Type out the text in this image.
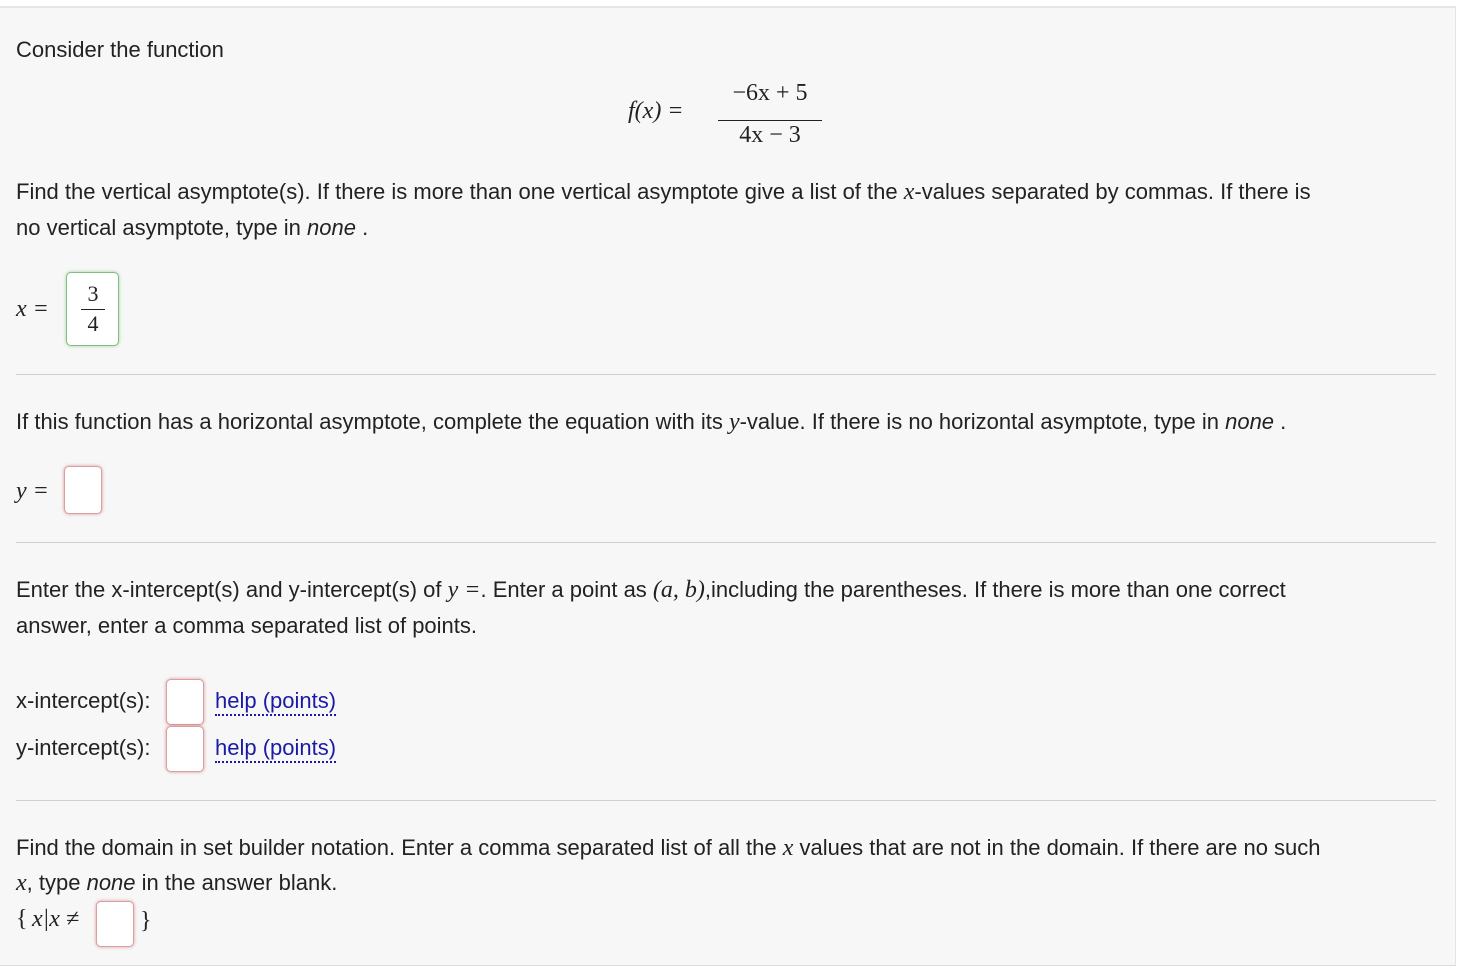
Consider the function
f(x) =
−6x + 5
4x − 3
Find the vertical asymptote(s). If there is more than one vertical asymptote give a list of the x-values separated by commas. If there is
no vertical asymptote, type in none .
x =
3
4
If this function has a horizontal asymptote, complete the equation with its y-value. If there is no horizontal asymptote, type in none .
y =
Enter the x-intercept(s) and y-intercept(s) of y =. Enter a point as (a, b),including the parentheses. If there is more than one correct
answer, enter a comma separated list of points.
x-intercept(s):	help (points)
y-intercept(s):	help (points)
Find the domain in set builder notation. Enter a comma separated list of all the x values that are not in the domain. If there are no such
x, type none in the answer blank.
{ x|x ≠	}
